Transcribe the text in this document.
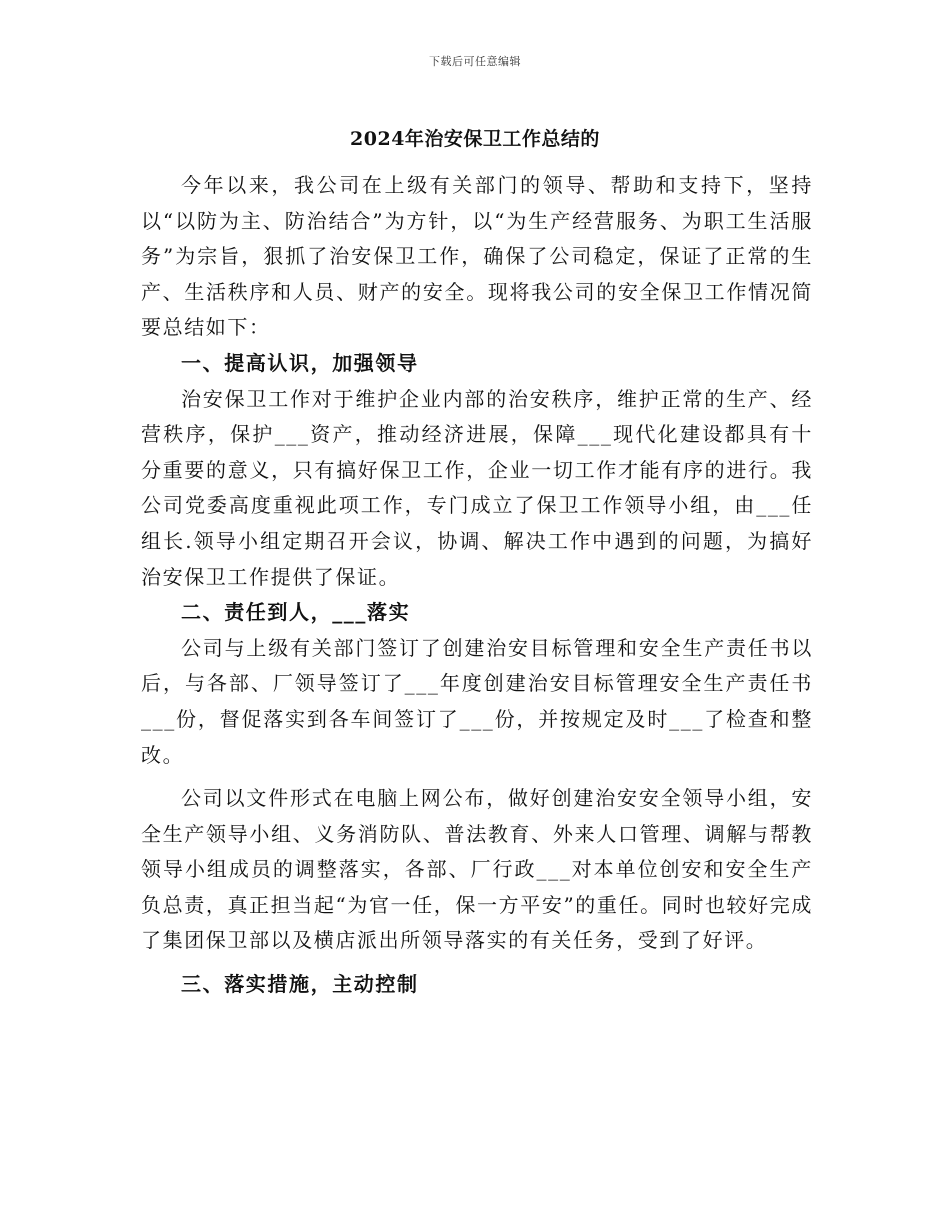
下载后可任意编辑
2024年治安保卫工作总结的

今年以来，我公司在上级有关部门的领导、帮助和支持下，坚持以“以防为主、防治结合”为方针，以“为生产经营服务、为职工生活服务”为宗旨，狠抓了治安保卫工作，确保了公司稳定，保证了正常的生产、生活秩序和人员、财产的安全。现将我公司的安全保卫工作情况简要总结如下：

一、提高认识，加强领导

治安保卫工作对于维护企业内部的治安秩序，维护正常的生产、经营秩序，保护___资产，推动经济进展，保障___现代化建设都具有十分重要的意义，只有搞好保卫工作，企业一切工作才能有序的进行。我公司党委高度重视此项工作，专门成立了保卫工作领导小组，由___任组长.领导小组定期召开会议，协调、解决工作中遇到的问题，为搞好治安保卫工作提供了保证。

二、责任到人，___落实

公司与上级有关部门签订了创建治安目标管理和安全生产责任书以后，与各部、厂领导签订了___年度创建治安目标管理安全生产责任书___份，督促落实到各车间签订了___份，并按规定及时___了检查和整改。

公司以文件形式在电脑上网公布，做好创建治安安全领导小组，安全生产领导小组、义务消防队、普法教育、外来人口管理、调解与帮教领导小组成员的调整落实，各部、厂行政___对本单位创安和安全生产负总责，真正担当起“为官一任，保一方平安”的重任。同时也较好完成了集团保卫部以及横店派出所领导落实的有关任务，受到了好评。

三、落实措施，主动控制
